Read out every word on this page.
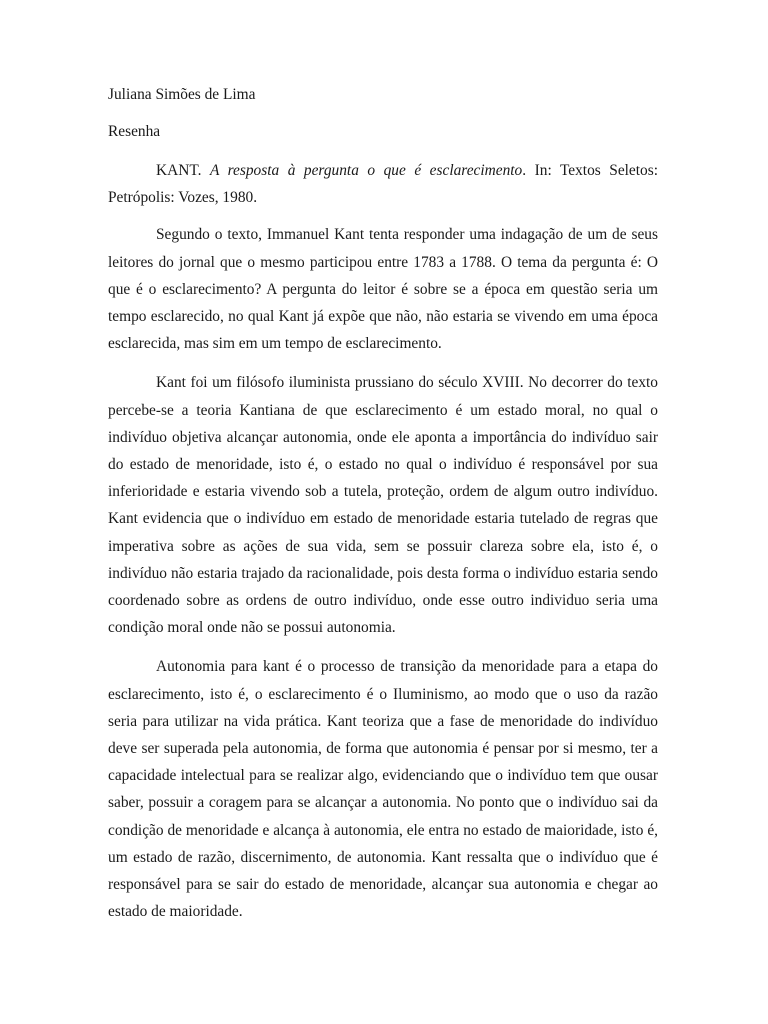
Juliana Simões de Lima

Resenha

KANT. A resposta à pergunta o que é esclarecimento. In: Textos Seletos: Petrópolis: Vozes, 1980.

Segundo o texto, Immanuel Kant tenta responder uma indagação de um de seus leitores do jornal que o mesmo participou entre 1783 a 1788. O tema da pergunta é: O que é o esclarecimento? A pergunta do leitor é sobre se a época em questão seria um tempo esclarecido, no qual Kant já expõe que não, não estaria se vivendo em uma época esclarecida, mas sim em um tempo de esclarecimento.

Kant foi um filósofo iluminista prussiano do século XVIII. No decorrer do texto percebe-se a teoria Kantiana de que esclarecimento é um estado moral, no qual o indivíduo objetiva alcançar autonomia, onde ele aponta a importância do indivíduo sair do estado de menoridade, isto é, o estado no qual o indivíduo é responsável por sua inferioridade e estaria vivendo sob a tutela, proteção, ordem de algum outro indivíduo. Kant evidencia que o indivíduo em estado de menoridade estaria tutelado de regras que imperativa sobre as ações de sua vida, sem se possuir clareza sobre ela, isto é, o indivíduo não estaria trajado da racionalidade, pois desta forma o indivíduo estaria sendo coordenado sobre as ordens de outro indivíduo, onde esse outro individuo seria uma condição moral onde não se possui autonomia.

Autonomia para kant é o processo de transição da menoridade para a etapa do esclarecimento, isto é, o esclarecimento é o Iluminismo, ao modo que o uso da razão seria para utilizar na vida prática. Kant teoriza que a fase de menoridade do indivíduo deve ser superada pela autonomia, de forma que autonomia é pensar por si mesmo, ter a capacidade intelectual para se realizar algo, evidenciando que o indivíduo tem que ousar saber, possuir a coragem para se alcançar a autonomia. No ponto que o indivíduo sai da condição de menoridade e alcança à autonomia, ele entra no estado de maioridade, isto é, um estado de razão, discernimento, de autonomia. Kant ressalta que o indivíduo que é responsável para se sair do estado de menoridade, alcançar sua autonomia e chegar ao estado de maioridade.
